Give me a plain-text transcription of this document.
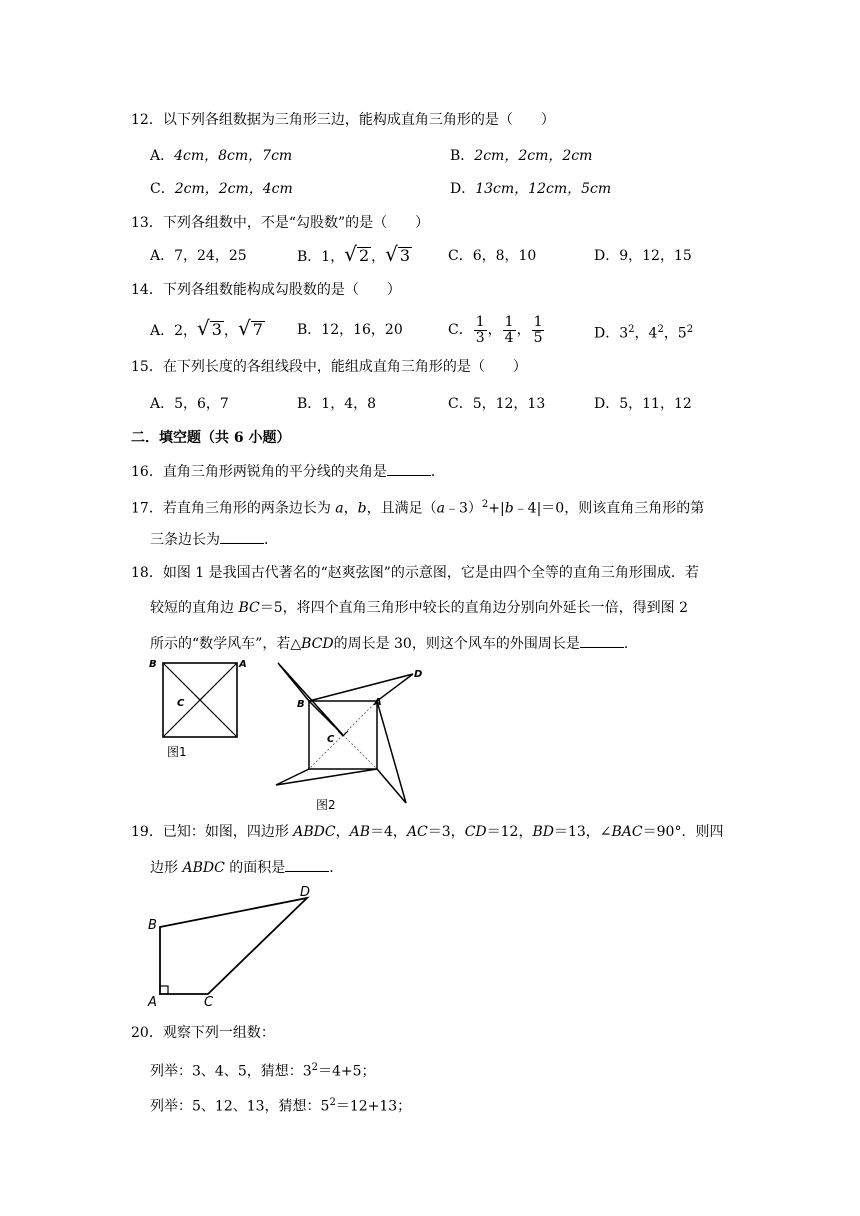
12．以下列各组数据为三角形三边，能构成直角三角形的是（　　）
A．4cm，8cm，7cm	B．2cm，2cm，2cm
C．2cm，2cm，4cm	D．13cm，12cm，5cm
13．下列各组数中，不是“勾股数”的是（　　）
A．7，24，25	B．1， √ 2 ， √ 3	C．6，8，10	D．9，12，15
14．下列各组数能构成勾股数的是（　　）
A．2， √ 3 ， √ 7 B．12，16，20	C． $\frac{1}{3}$ ， $\frac{1}{4}$ ， $\frac{1}{5}$	D．$3^2$，$4^2$，$5^2$
15．在下列长度的各组线段中，能组成直角三角形的是（　　）
A．5，6，7	B．1，4，8	C．5，12，13	D．5，11，12
二．填空题（共 6 小题）
16．直角三角形两锐角的平分线的夹角是	．
17．若直角三角形的两条边长为 a，b，且满足（a﹣3）$^2$+|b﹣4|＝0，则该直角三角形的第
三条边长为	．
18．如图 1 是我国古代著名的“赵爽弦图”的示意图，它是由四个全等的直角三角形围成．若
较短的直角边 BC＝5，将四个直角三角形中较长的直角边分别向外延长一倍，得到图 2
所示的“数学风车”，若△BCD的周长是 30，则这个风车的外围周长是	．
B	A
C
图1
B	A
C
D
图2
19．已知：如图，四边形 ABDC，AB＝4，AC＝3，CD＝12，BD＝13，∠BAC＝90°．则四
边形 ABDC 的面积是	．
B
D
A	C
20．观察下列一组数：
列举：3、4、5，猜想：$3^2=4+5$；
列举：5、12、13，猜想：$5^2=12+13$；
